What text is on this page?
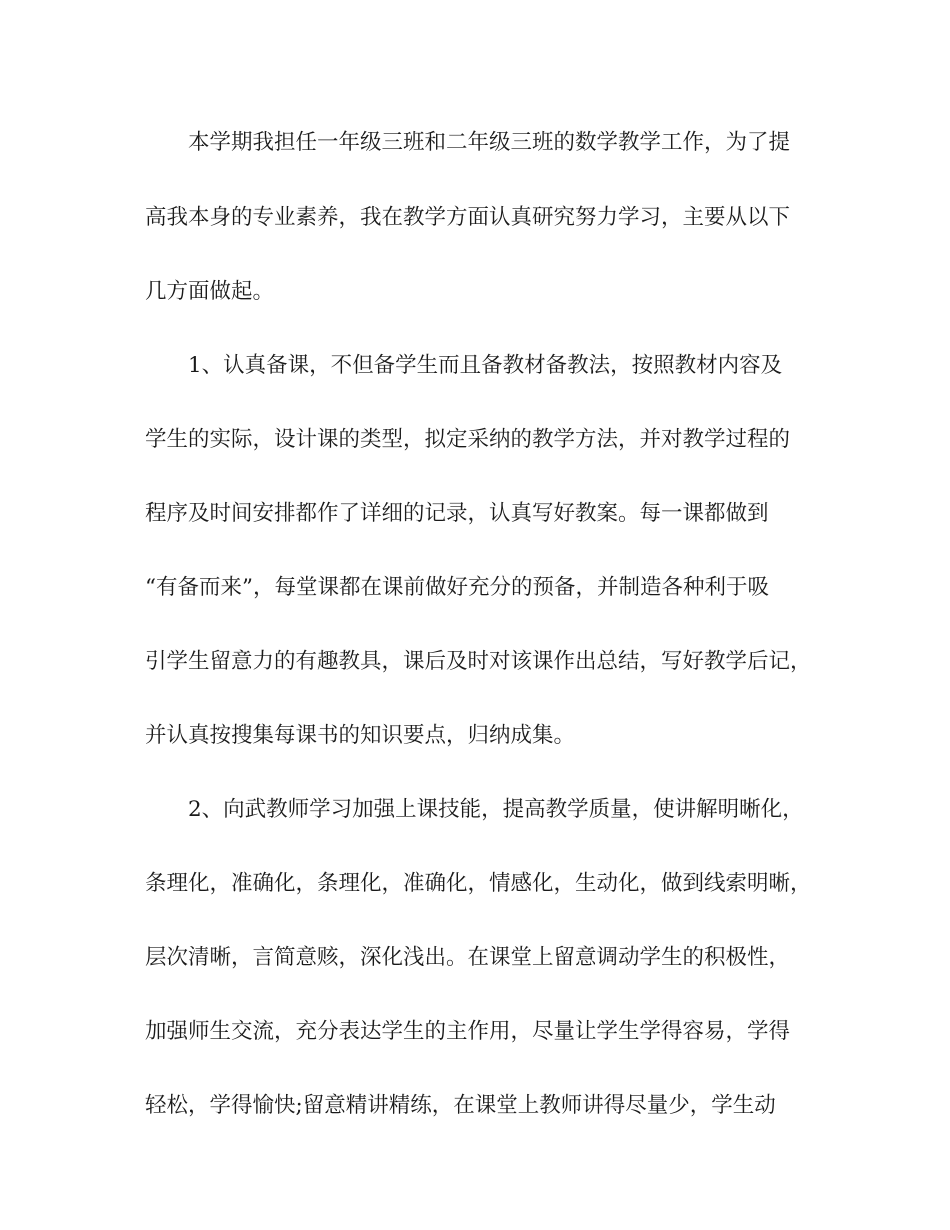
本学期我担任一年级三班和二年级三班的数学教学工作，为了提
高我本身的专业素养，我在教学方面认真研究努力学习，主要从以下
几方面做起。
1、认真备课，不但备学生而且备教材备教法，按照教材内容及
学生的实际，设计课的类型，拟定采纳的教学方法，并对教学过程的
程序及时间安排都作了详细的记录，认真写好教案。每一课都做到
“有备而来”，每堂课都在课前做好充分的预备，并制造各种利于吸
引学生留意力的有趣教具，课后及时对该课作出总结，写好教学后记，
并认真按搜集每课书的知识要点，归纳成集。
2、向武教师学习加强上课技能，提高教学质量，使讲解明晰化，
条理化，准确化，条理化，准确化，情感化，生动化，做到线索明晰，
层次清晰，言简意赅，深化浅出。在课堂上留意调动学生的积极性，
加强师生交流，充分表达学生的主作用，尽量让学生学得容易，学得
轻松，学得愉快;留意精讲精练，在课堂上教师讲得尽量少，学生动
